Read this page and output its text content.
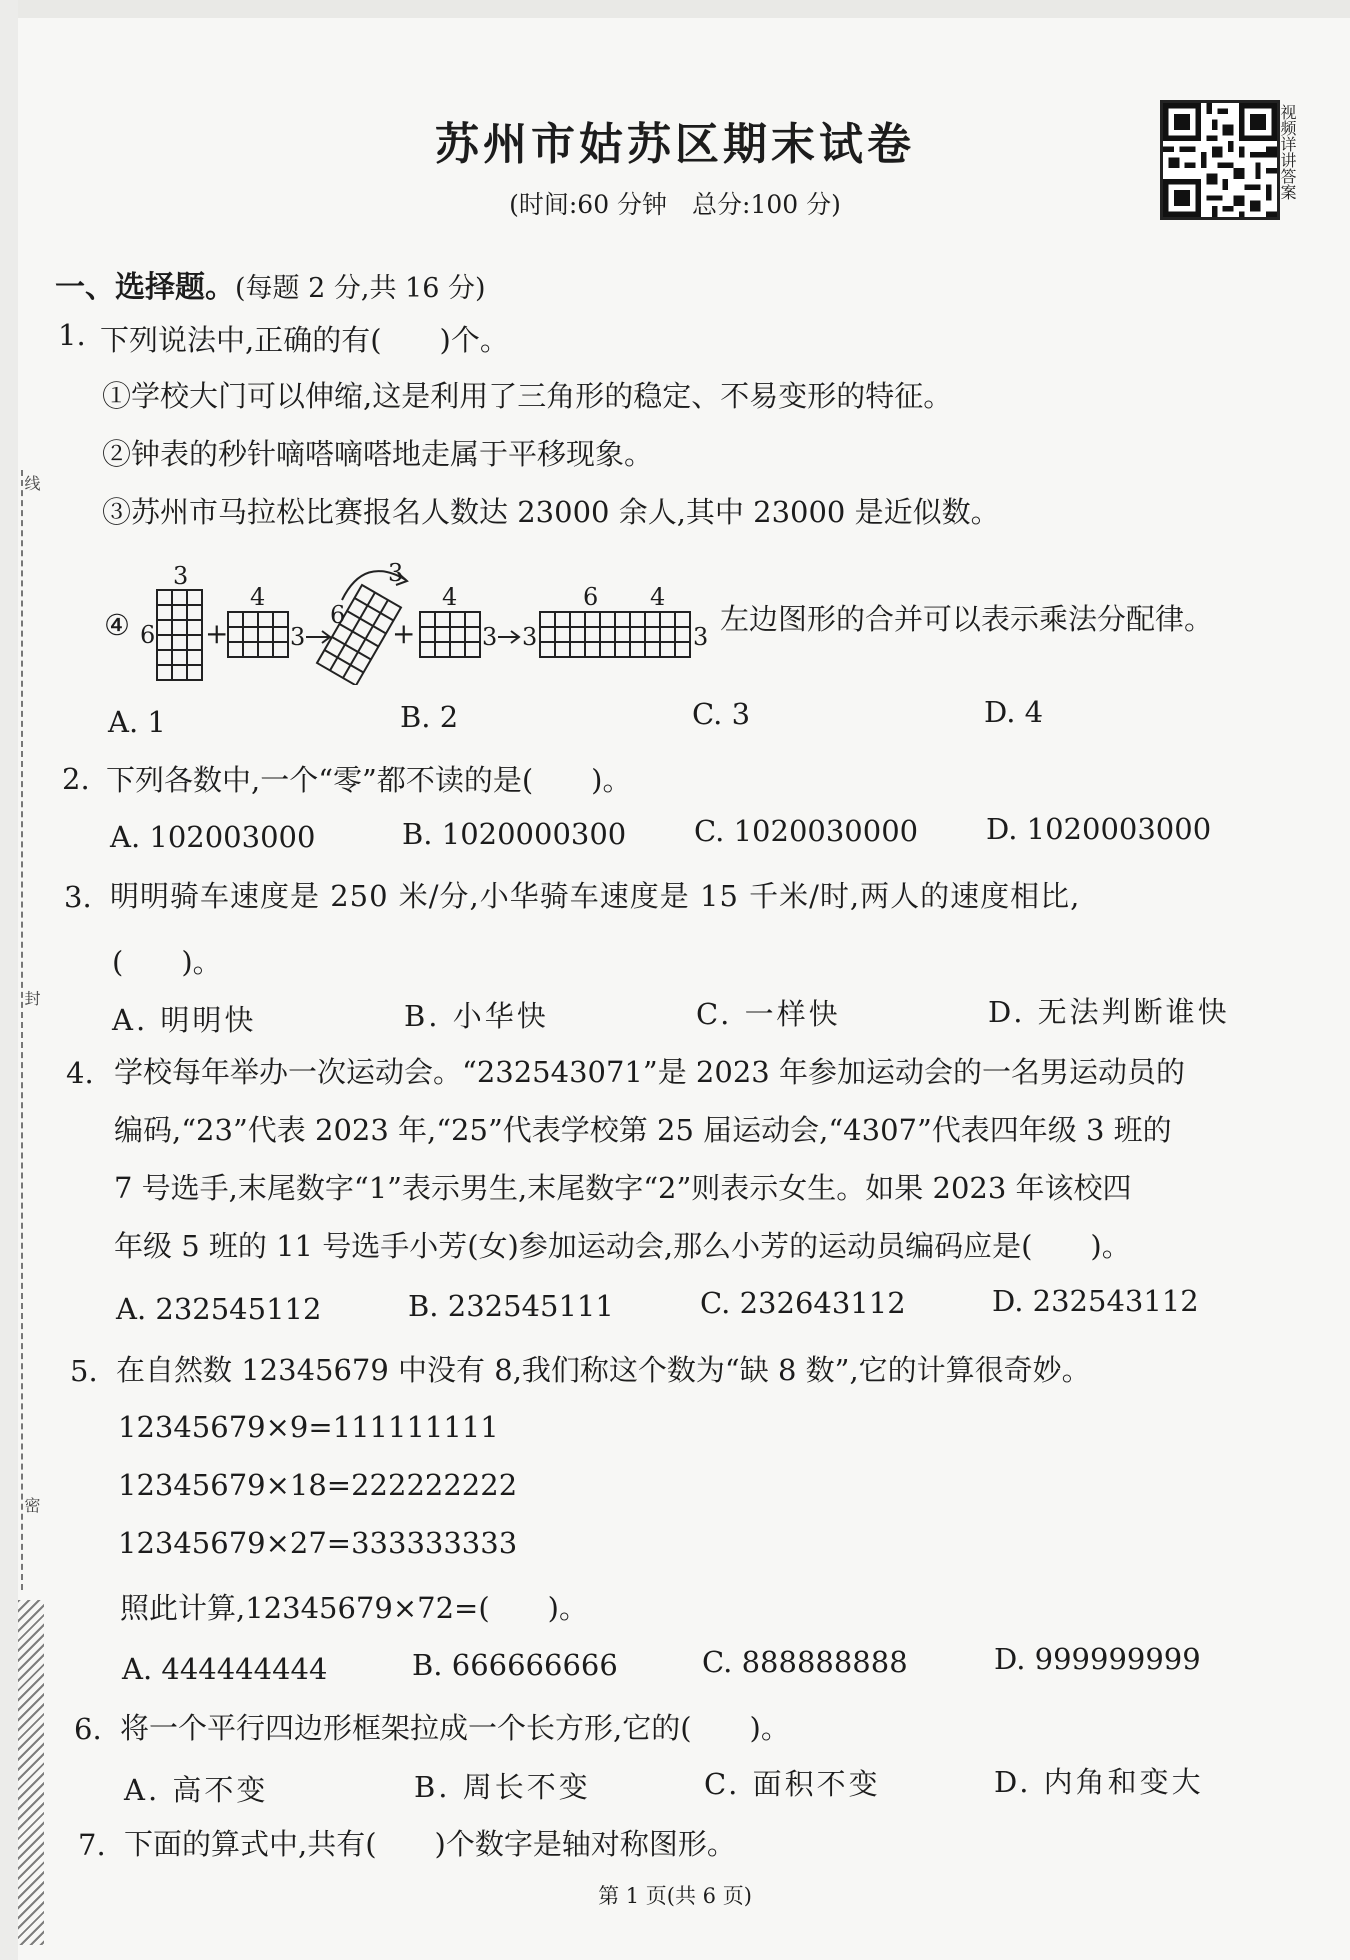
线
封
密
苏州市姑苏区期末试卷
(时间:60 分钟　总分:100 分)
视频详讲答案
一、选择题。(每题 2 分,共 16 分)
1. 下列说法中,正确的有(　　)个。
①学校大门可以伸缩,这是利用了三角形的稳定、不易变形的特征。
②钟表的秒针嘀嗒嘀嗒地走属于平移现象。
③苏州市马拉松比赛报名人数达 23000 余人,其中 23000 是近似数。
④
3
6 +
4
3
6
3
+
4
3 3
6 4
3
左边图形的合并可以表示乘法分配律。
A. 1	B. 2	C. 3	D. 4
2. 下列各数中,一个“零”都不读的是(　　)。
A. 102003000	B. 1020000300 C. 1020030000 D. 1020003000
3. 明明骑车速度是 250 米/分,小华骑车速度是 15 千米/时,两人的速度相比,
(　　)。
A. 明明快	B. 小华快	C. 一样快	D. 无法判断谁快
4. 学校每年举办一次运动会。“232543071”是 2023 年参加运动会的一名男运动员的
编码,“23”代表 2023 年,“25”代表学校第 25 届运动会,“4307”代表四年级 3 班的
7 号选手,末尾数字“1”表示男生,末尾数字“2”则表示女生。如果 2023 年该校四
年级 5 班的 11 号选手小芳(女)参加运动会,那么小芳的运动员编码应是(　　)。
A. 232545112	B. 232545111	C. 232643112	D. 232543112
5. 在自然数 12345679 中没有 8,我们称这个数为“缺 8 数”,它的计算很奇妙。
12345679×9=111111111
12345679×18=222222222
12345679×27=333333333
照此计算,12345679×72=(　　)。
A. 444444444	B. 666666666	C. 888888888	D. 999999999
6. 将一个平行四边形框架拉成一个长方形,它的(　　)。
A. 高不变	B. 周长不变	C. 面积不变	D. 内角和变大
7. 下面的算式中,共有(　　)个数字是轴对称图形。
第 1 页(共 6 页)
